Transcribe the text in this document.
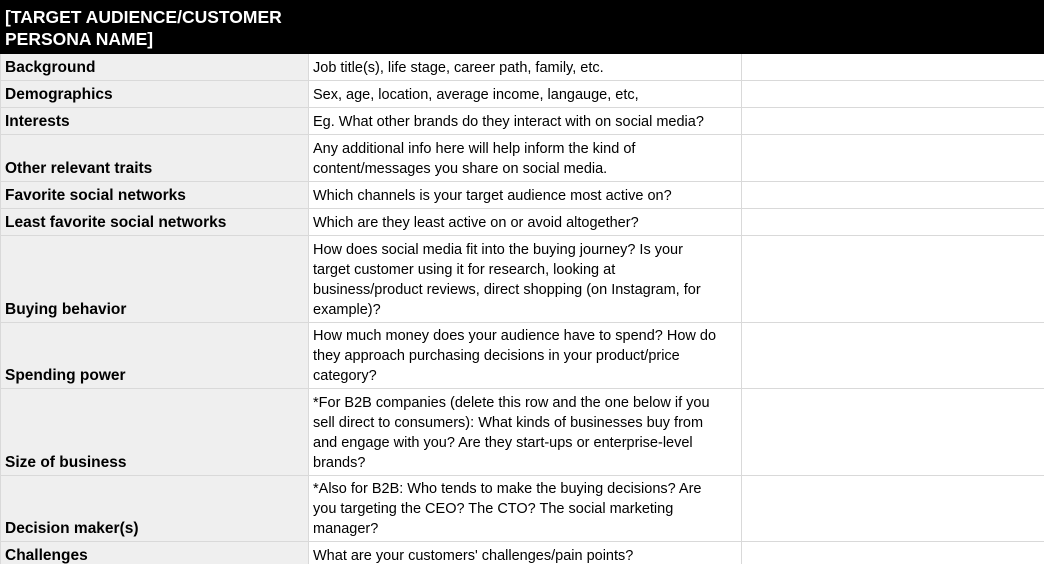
[TARGET AUDIENCE/CUSTOMER
PERSONA NAME]		

Background	Job title(s), life stage, career path, family, etc.	

Demographics	Sex, age, location, average income, langauge, etc,	

Interests	Eg. What other brands do they interact with on social media?	

Other relevant traits	Any additional info here will help inform the kind of
content/messages you share on social media.	

Favorite social networks	Which channels is your target audience most active on?	

Least favorite social networks	Which are they least active on or avoid altogether?	

Buying behavior	How does social media fit into the buying journey? Is your
target customer using it for research, looking at
business/product reviews, direct shopping (on Instagram, for
example)?	

Spending power	How much money does your audience have to spend? How do
they approach purchasing decisions in your product/price
category?	

Size of business	*For B2B companies (delete this row and the one below if you
sell direct to consumers): What kinds of businesses buy from
and engage with you? Are they start-ups or enterprise-level
brands?	

Decision maker(s)	*Also for B2B: Who tends to make the buying decisions? Are
you targeting the CEO? The CTO? The social marketing
manager?	

Challenges	What are your customers' challenges/pain points?	
